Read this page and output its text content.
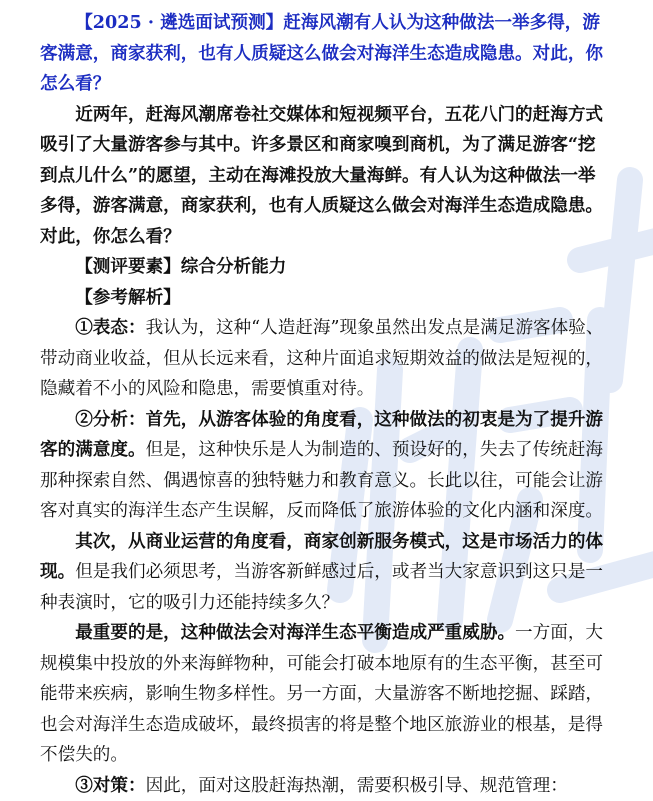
【2025 · 遴选面试预测】赶海风潮有人认为这种做法一举多得，游客满意，商家获利，也有人质疑这么做会对海洋生态造成隐患。对此，你怎么看？

近两年，赶海风潮席卷社交媒体和短视频平台，五花八门的赶海方式吸引了大量游客参与其中。许多景区和商家嗅到商机，为了满足游客“挖到点儿什么”的愿望，主动在海滩投放大量海鲜。有人认为这种做法一举多得，游客满意，商家获利，也有人质疑这么做会对海洋生态造成隐患。对此，你怎么看？

【测评要素】综合分析能力

【参考解析】

①表态：我认为，这种“人造赶海”现象虽然出发点是满足游客体验、带动商业收益，但从长远来看，这种片面追求短期效益的做法是短视的，隐藏着不小的风险和隐患，需要慎重对待。

②分析：首先，从游客体验的角度看，这种做法的初衷是为了提升游客的满意度。但是，这种快乐是人为制造的、预设好的，失去了传统赶海那种探索自然、偶遇惊喜的独特魅力和教育意义。长此以往，可能会让游客对真实的海洋生态产生误解，反而降低了旅游体验的文化内涵和深度。

其次，从商业运营的角度看，商家创新服务模式，这是市场活力的体现。但是我们必须思考，当游客新鲜感过后，或者当大家意识到这只是一种表演时，它的吸引力还能持续多久？

最重要的是，这种做法会对海洋生态平衡造成严重威胁。一方面，大规模集中投放的外来海鲜物种，可能会打破本地原有的生态平衡，甚至可能带来疾病，影响生物多样性。另一方面，大量游客不断地挖掘、踩踏，也会对海洋生态造成破坏，最终损害的将是整个地区旅游业的根基，是得不偿失的。

③对策：因此，面对这股赶海热潮，需要积极引导、规范管理：
